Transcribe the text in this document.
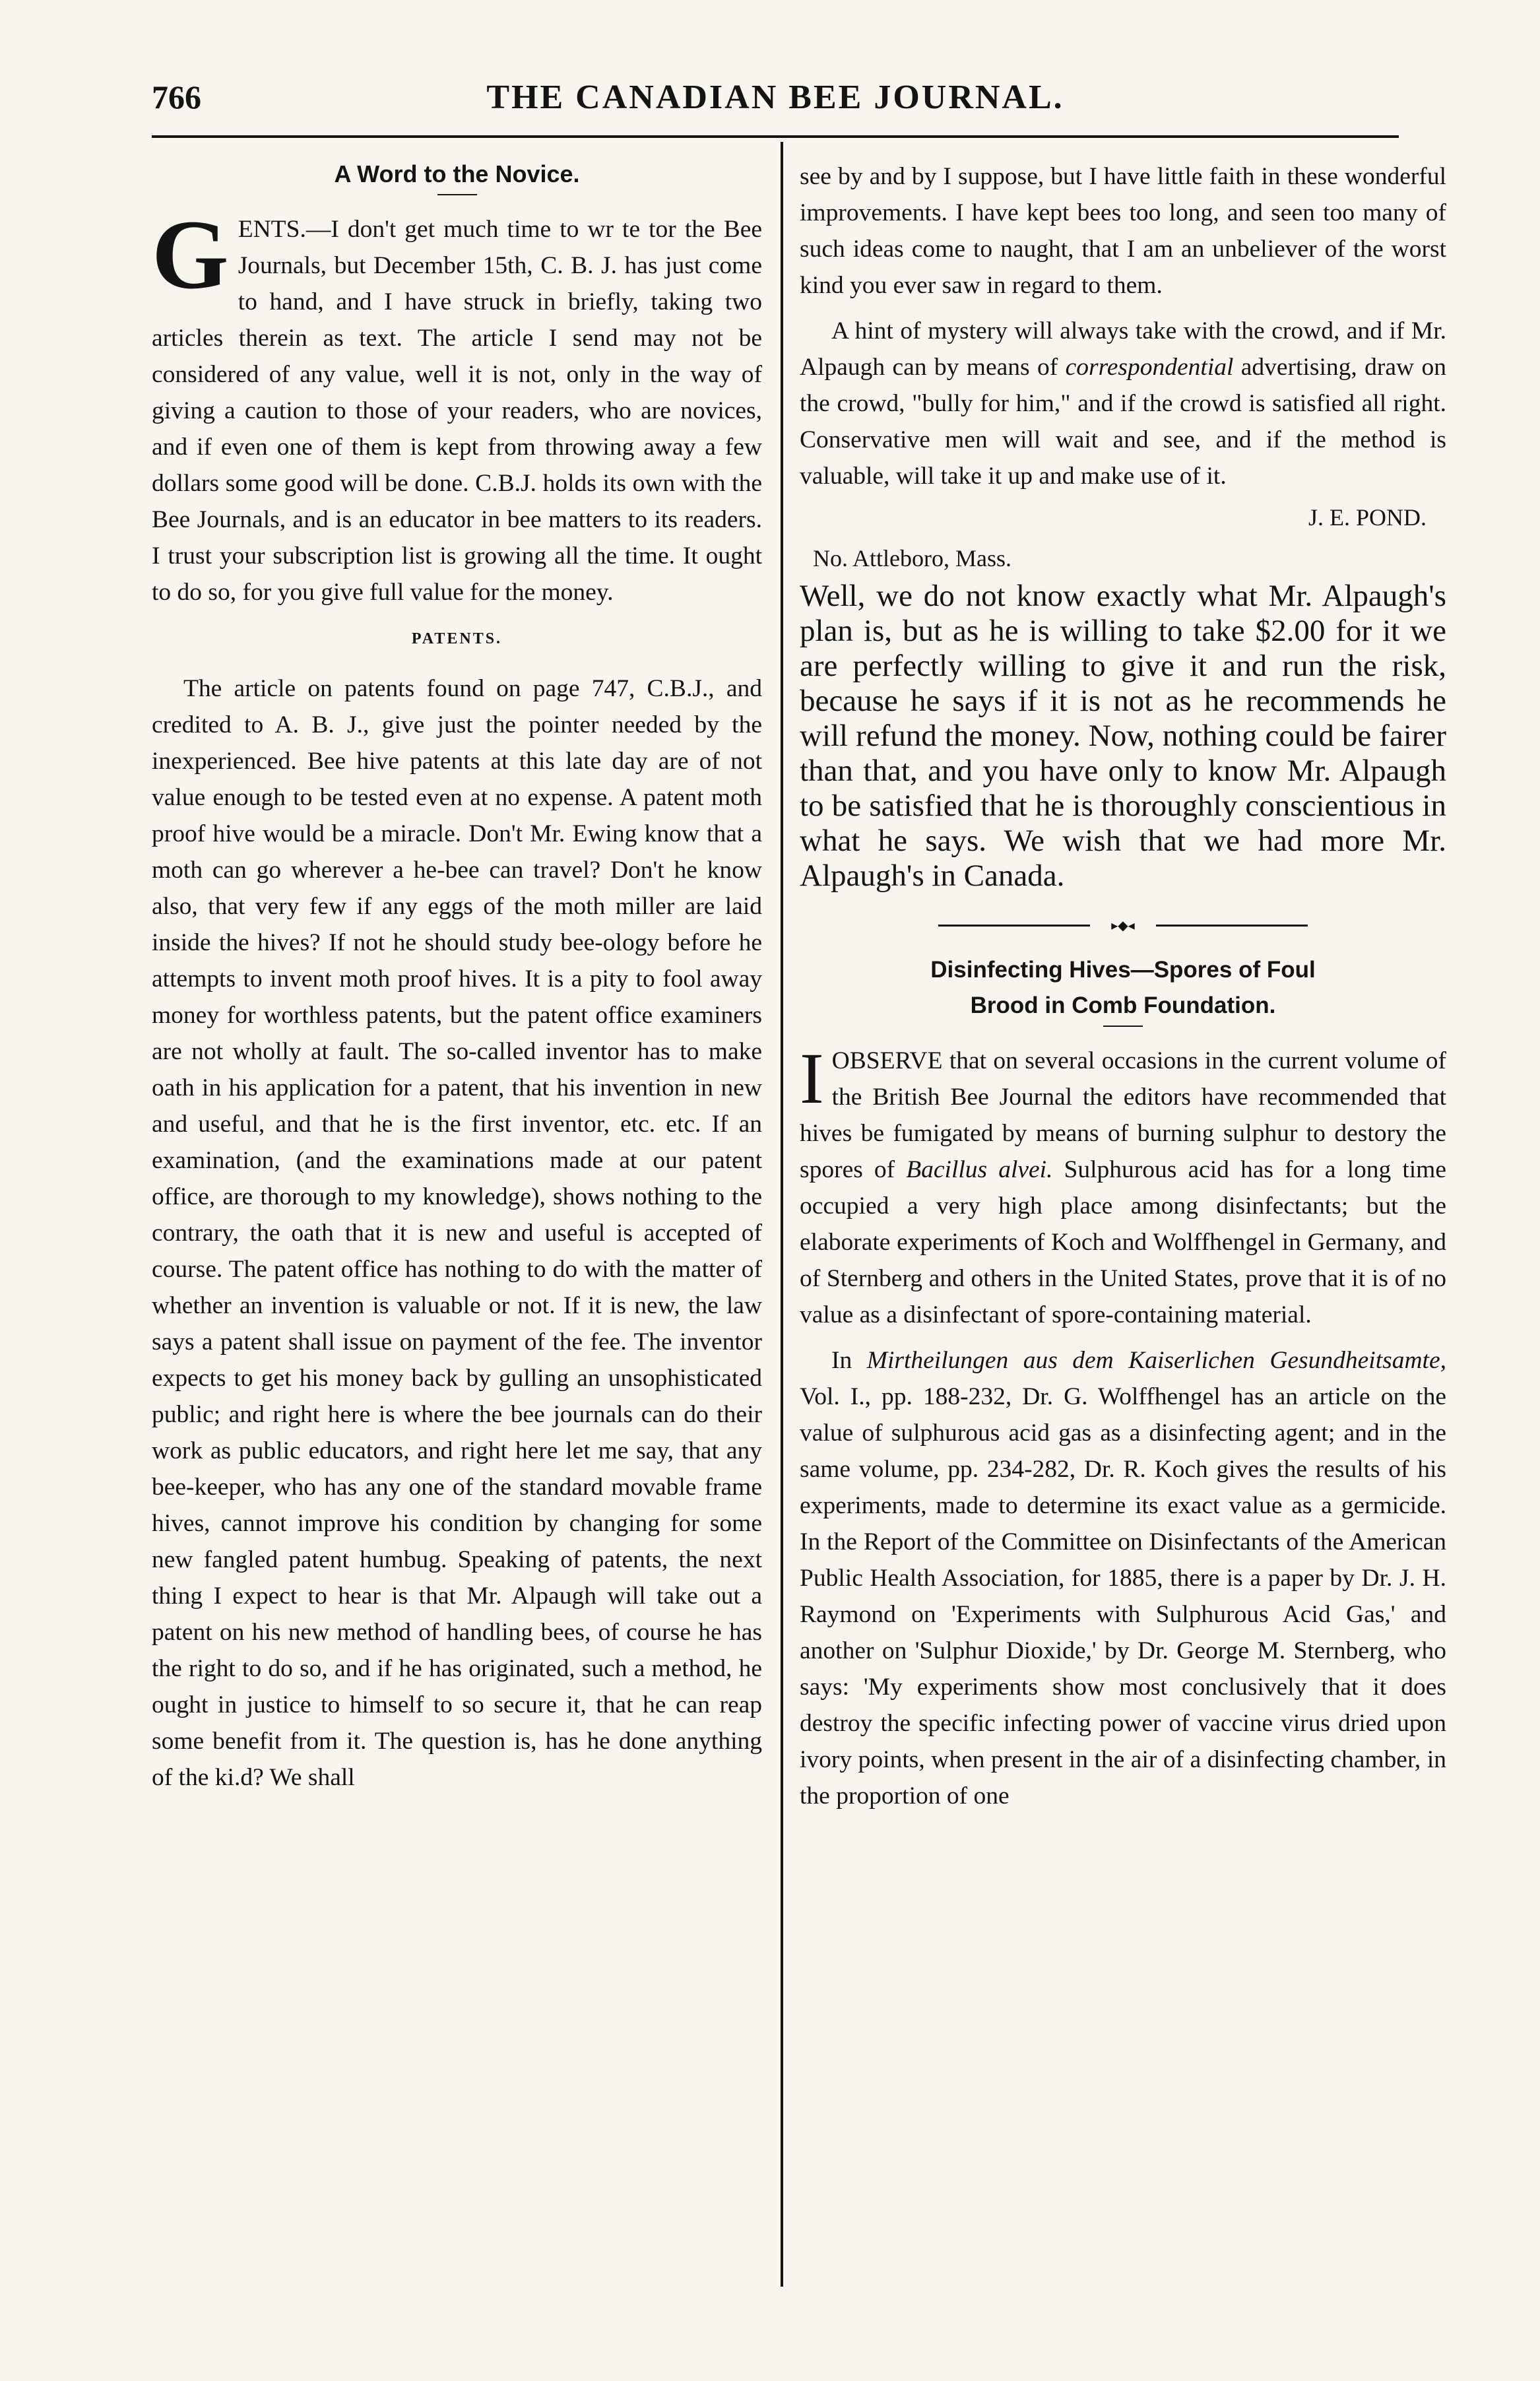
766	THE CANADIAN BEE JOURNAL.
A Word to the Novice.

GENTS.—I don't get much time to wr te tor the Bee Journals, but December 15th, C. B. J. has just come to hand, and I have struck in briefly, taking two articles therein as text. The article I send may not be considered of any value, well it is not, only in the way of giving a caution to those of your readers, who are novices, and if even one of them is kept from throwing away a few dollars some good will be done. C.B.J. holds its own with the Bee Journals, and is an educator in bee matters to its readers. I trust your subscription list is growing all the time. It ought to do so, for you give full value for the money.

PATENTS.

The article on patents found on page 747, C.B.J., and credited to A. B. J., give just the pointer needed by the inexperienced. Bee hive patents at this late day are of not value enough to be tested even at no expense. A patent moth proof hive would be a miracle. Don't Mr. Ewing know that a moth can go wherever a he-bee can travel? Don't he know also, that very few if any eggs of the moth miller are laid inside the hives? If not he should study bee-ology before he attempts to invent moth proof hives. It is a pity to fool away money for worthless patents, but the patent office examiners are not wholly at fault. The so-called inventor has to make oath in his application for a patent, that his invention in new and useful, and that he is the first inventor, etc. etc. If an examination, (and the examinations made at our patent office, are thorough to my knowledge), shows nothing to the contrary, the oath that it is new and useful is accepted of course. The patent office has nothing to do with the matter of whether an invention is valuable or not. If it is new, the law says a patent shall issue on payment of the fee. The inventor expects to get his money back by gulling an unsophisticated public; and right here is where the bee journals can do their work as public educators, and right here let me say, that any bee-keeper, who has any one of the standard movable frame hives, cannot improve his condition by changing for some new fangled patent humbug. Speaking of patents, the next thing I expect to hear is that Mr. Alpaugh will take out a patent on his new method of handling bees, of course he has the right to do so, and if he has originated, such a method, he ought in justice to himself to so secure it, that he can reap some benefit from it. The question is, has he done anything of the ki.d? We shall

see by and by I suppose, but I have little faith in these wonderful improvements. I have kept bees too long, and seen too many of such ideas come to naught, that I am an unbeliever of the worst kind you ever saw in regard to them.

A hint of mystery will always take with the crowd, and if Mr. Alpaugh can by means of correspondential advertising, draw on the crowd, "bully for him," and if the crowd is satisfied all right. Conservative men will wait and see, and if the method is valuable, will take it up and make use of it.

J. E. POND.
No. Attleboro, Mass.

Well, we do not know exactly what Mr. Alpaugh's plan is, but as he is willing to take $2.00 for it we are perfectly willing to give it and run the risk, because he says if it is not as he recommends he will refund the money. Now, nothing could be fairer than that, and you have only to know Mr. Alpaugh to be satisfied that he is thoroughly conscientious in what he says. We wish that we had more Mr. Alpaugh's in Canada.

▸◆◂
Disinfecting Hives—Spores of Foul
Brood in Comb Foundation.

IOBSERVE that on several occasions in the current volume of the British Bee Journal the editors have recommended that hives be fumigated by means of burning sulphur to destory the spores of Bacillus alvei. Sulphurous acid has for a long time occupied a very high place among disinfectants; but the elaborate experiments of Koch and Wolffhengel in Germany, and of Sternberg and others in the United States, prove that it is of no value as a disinfectant of spore-containing material.

In Mirtheilungen aus dem Kaiserlichen Gesundheitsamte, Vol. I., pp. 188-232, Dr. G. Wolffhengel has an article on the value of sulphurous acid gas as a disinfecting agent; and in the same volume, pp. 234-282, Dr. R. Koch gives the results of his experiments, made to determine its exact value as a germicide. In the Report of the Committee on Disinfectants of the American Public Health Association, for 1885, there is a paper by Dr. J. H. Raymond on 'Experiments with Sulphurous Acid Gas,' and another on 'Sulphur Dioxide,' by Dr. George M. Sternberg, who says: 'My experiments show most conclusively that it does destroy the specific infecting power of vaccine virus dried upon ivory points, when present in the air of a disinfecting chamber, in the proportion of one
